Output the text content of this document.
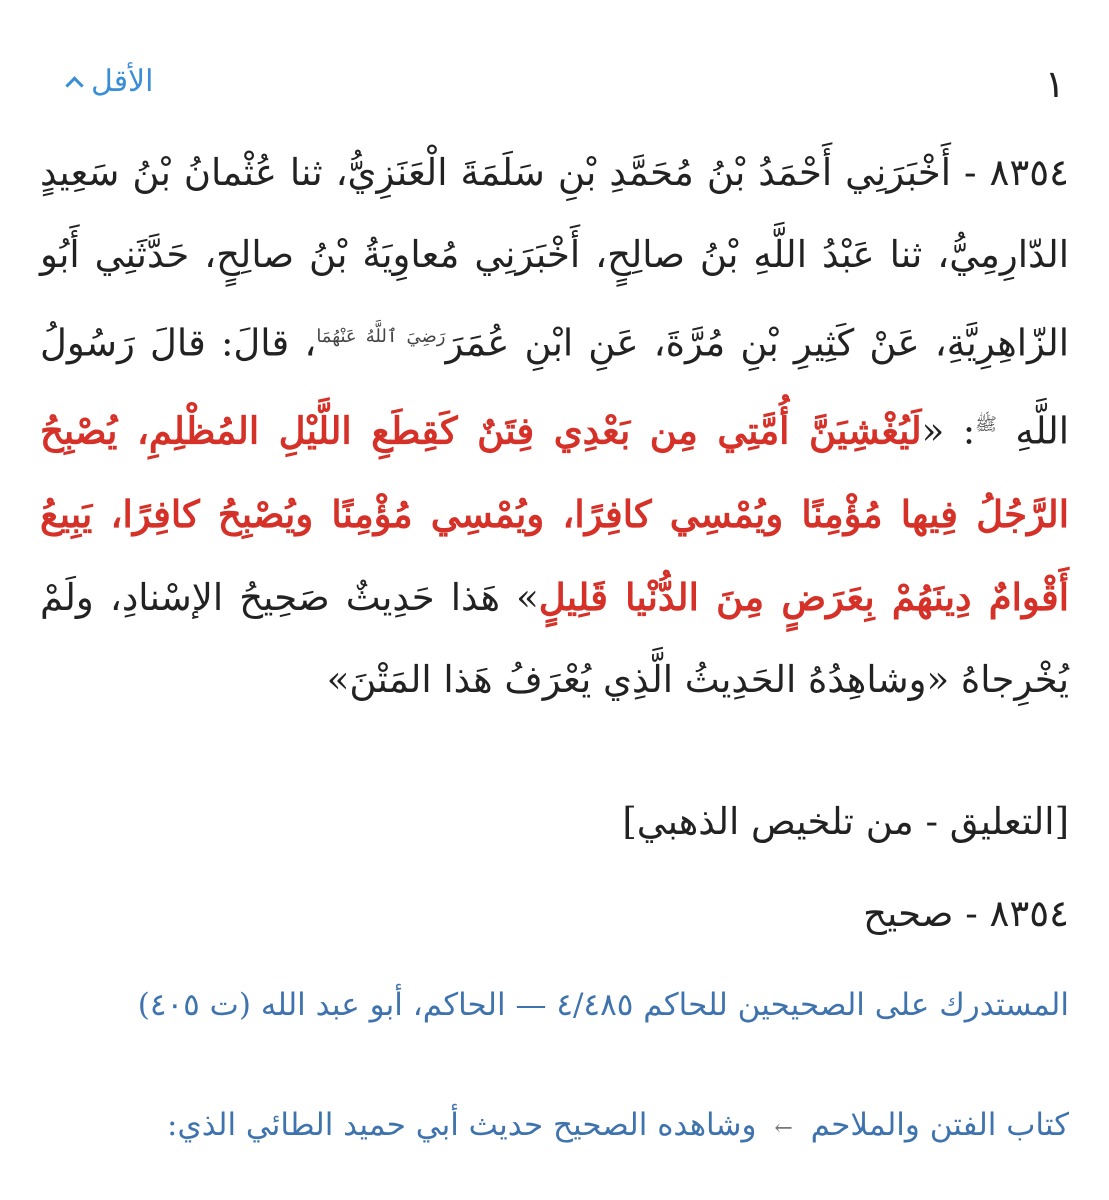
١
الأقل
٨٣٥٤ - أَخْبَرَنِي أَحْمَدُ بْنُ مُحَمَّدِ بْنِ سَلَمَةَ الْعَنَزِيُّ، ثنا عُثْمانُ بْنُ سَعِيدٍ الدّارِمِيُّ، ثنا عَبْدُ اللَّهِ بْنُ صالِحٍ، أَخْبَرَنِي مُعاوِيَةُ بْنُ صالِحٍ، حَدَّثَنِي أَبُو الزّاهِرِيَّةِ، عَنْ كَثِيرِ بْنِ مُرَّةَ، عَنِ ابْنِ عُمَرَ$^{رَضِيَ ٱللَّهُ عَنْهُمَا}$، قالَ: قالَ رَسُولُ اللَّهِ $^ﷺ$: «لَيُغْشِيَنَّ أُمَّتِي مِن بَعْدِي فِتَنٌ كَقِطَعِ اللَّيْلِ المُظْلِمِ، يُصْبِحُ الرَّجُلُ فِيها مُؤْمِنًا ويُمْسِي كافِرًا، ويُمْسِي مُؤْمِنًا ويُصْبِحُ كافِرًا، يَبِيعُ أَقْوامٌ دِينَهُمْ بِعَرَضٍ مِنَ الدُّنْيا قَلِيلٍ» هَذا حَدِيثٌ صَحِيحُ الإسْنادِ، ولَمْ يُخْرِجاهُ «وشاهِدُهُ الحَدِيثُ الَّذِي يُعْرَفُ هَذا المَتْنَ»
[التعليق - من تلخيص الذهبي]
٨٣٥٤ - صحيح
المستدرك على الصحيحين للحاكم ٤/٤٨٥ — الحاكم، أبو عبد الله (ت ٤٠٥)
كتاب الفتن والملاحم ← وشاهده الصحيح حديث أبي حميد الطائي الذي:
